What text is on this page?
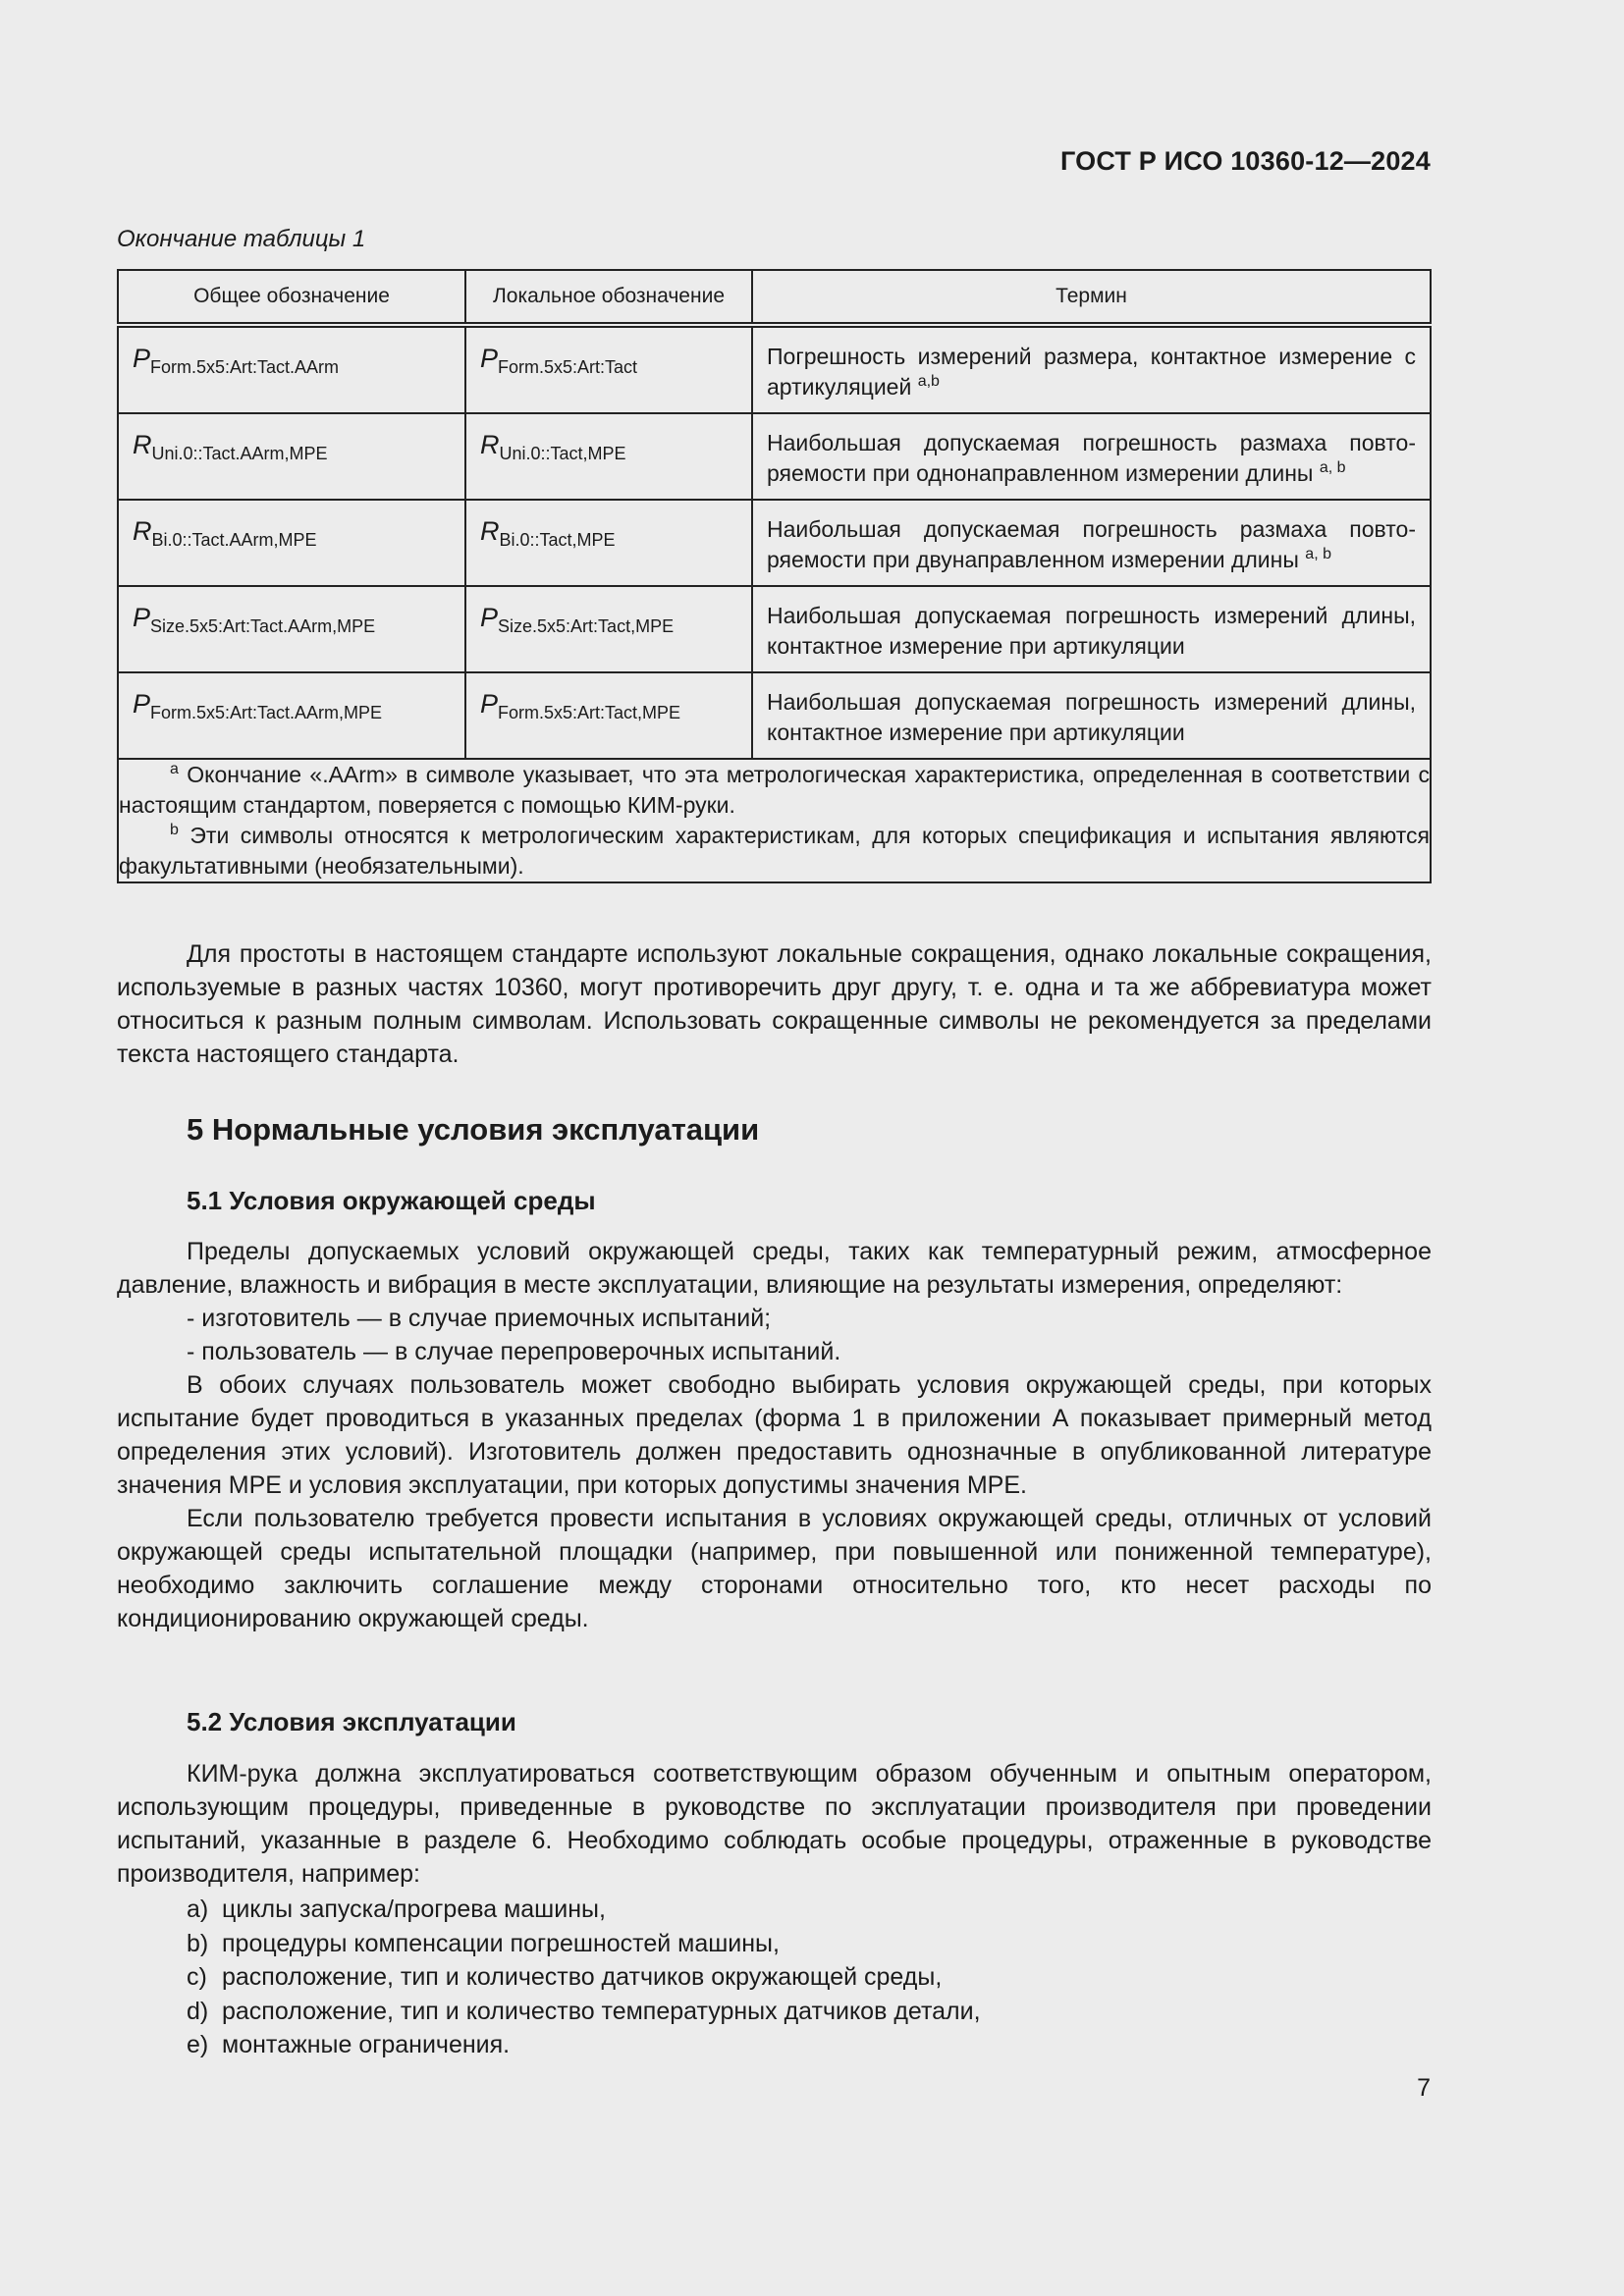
ГОСТ Р ИСО 10360-12—2024
Окончание таблицы 1
Общее обозначение	Локальное обозначение	Термин

$P_{Form.5x5:Art:Tact.AArm}$	$P_{Form.5x5:Art:Tact}$	Погрешность измерений размера, контактное измерение с артикуляцией $^{a,b}$

$R_{Uni.0::Tact.AArm,MPE}$	$R_{Uni.0::Tact,MPE}$	Наибольшая допускаемая погрешность размаха повторяемости при однонаправленном измерении длины $^{a, b}$

$R_{Bi.0::Tact.AArm,MPE}$	$R_{Bi.0::Tact,MPE}$	Наибольшая допускаемая погрешность размаха повторяемости при двунаправленном измерении длины $^{a, b}$

$P_{Size.5x5:Art:Tact.AArm,MPE}$	$P_{Size.5x5:Art:Tact,MPE}$	Наибольшая допускаемая погрешность измерений длины, контактное измерение при артикуляции

$P_{Form.5x5:Art:Tact.AArm,MPE}$	$P_{Form.5x5:Art:Tact,MPE}$	Наибольшая допускаемая погрешность измерений длины, контактное измерение при артикуляции

$^a$ Окончание «.AArm» в символе указывает, что эта метрологическая характеристика, определенная в соответствии с настоящим стандартом, поверяется с помощью КИМ-руки.

$^b$ Эти символы относятся к метрологическим характеристикам, для которых спецификация и испытания являются факультативными (необязательными).		

Для простоты в настоящем стандарте используют локальные сокращения, однако локальные сокращения, используемые в разных частях 10360, могут противоречить друг другу, т. е. одна и та же аббревиатура может относиться к разным полным символам. Использовать сокращенные символы не рекомендуется за пределами текста настоящего стандарта.

5 Нормальные условия эксплуатации
5.1 Условия окружающей среды

Пределы допускаемых условий окружающей среды, таких как температурный режим, атмосферное давление, влажность и вибрация в месте эксплуатации, влияющие на результаты измерения, определяют:

- изготовитель — в случае приемочных испытаний;

- пользователь — в случае перепроверочных испытаний.

В обоих случаях пользователь может свободно выбирать условия окружающей среды, при которых испытание будет проводиться в указанных пределах (форма 1 в приложении А показывает примерный метод определения этих условий). Изготовитель должен предоставить однозначные в опубликованной литературе значения MPE и условия эксплуатации, при которых допустимы значения MPE.

Если пользователю требуется провести испытания в условиях окружающей среды, отличных от условий окружающей среды испытательной площадки (например, при повышенной или пониженной температуре), необходимо заключить соглашение между сторонами относительно того, кто несет расходы по кондиционированию окружающей среды.

5.2 Условия эксплуатации

КИМ-рука должна эксплуатироваться соответствующим образом обученным и опытным оператором, использующим процедуры, приведенные в руководстве по эксплуатации производителя при проведении испытаний, указанные в разделе 6. Необходимо соблюдать особые процедуры, отраженные в руководстве производителя, например:

a) циклы запуска/прогрева машины,
b) процедуры компенсации погрешностей машины,
c) расположение, тип и количество датчиков окружающей среды,
d) расположение, тип и количество температурных датчиков детали,
e) монтажные ограничения.
7
